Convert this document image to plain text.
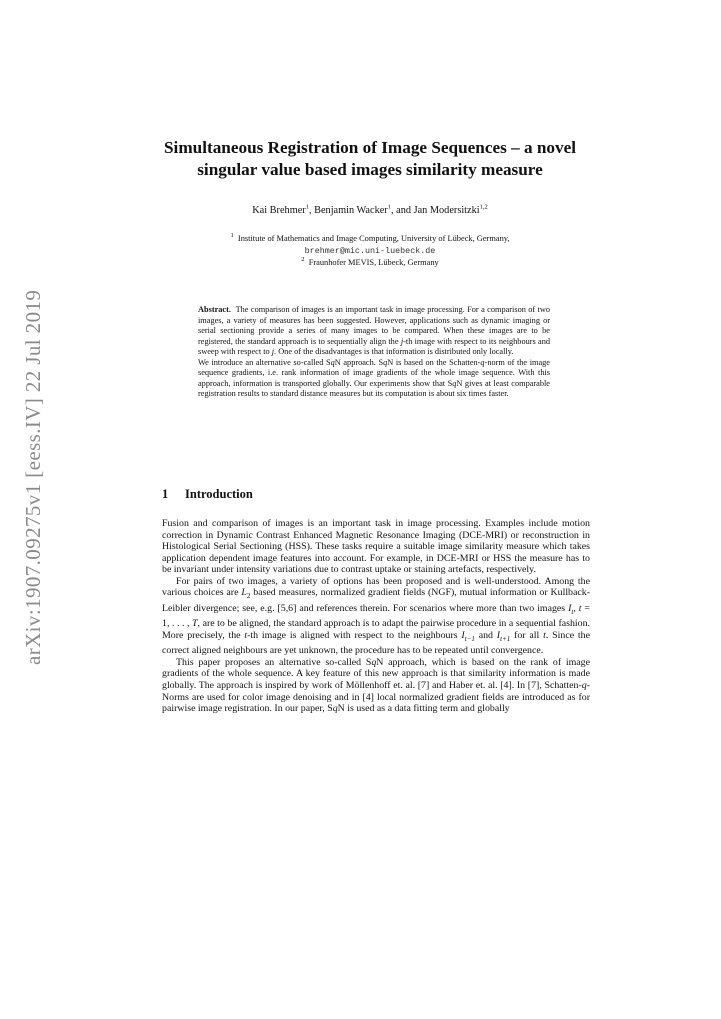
arXiv:1907.09275v1 [eess.IV] 22 Jul 2019
Simultaneous Registration of Image Sequences – a novel
singular value based images similarity measure
Kai Brehmer$^1$, Benjamin Wacker$^1$, and Jan Modersitzki$^{1,2}$
$^1$ Institute of Mathematics and Image Computing, University of Lübeck, Germany,
brehmer@mic.uni-luebeck.de
$^2$ Fraunhofer MEVIS, Lübeck, Germany

Abstract. The comparison of images is an important task in image processing. For a comparison of two images, a variety of measures has been suggested. However, applications such as dynamic imaging or serial sectioning provide a series of many images to be compared. When these images are to be registered, the standard approach is to sequentially align the j-th image with respect to its neighbours and sweep with respect to j. One of the disadvantages is that information is distributed only locally.

We introduce an alternative so-called SqN approach. SqN is based on the Schatten-q-norm of the image sequence gradients, i.e. rank information of image gradients of the whole image sequence. With this approach, information is transported globally. Our experiments show that SqN gives at least comparable registration results to standard distance measures but its computation is about six times faster.

1 Introduction

Fusion and comparison of images is an important task in image processing. Examples include motion correction in Dynamic Contrast Enhanced Magnetic Resonance Imaging (DCE-MRI) or reconstruction in Histological Serial Sectioning (HSS). These tasks require a suitable image similarity measure which takes application dependent image features into account. For example, in DCE-MRI or HSS the measure has to be invariant under intensity variations due to contrast uptake or staining artefacts, respectively.

For pairs of two images, a variety of options has been proposed and is well-understood. Among the various choices are $L_2$ based measures, normalized gradient fields (NGF), mutual information or Kullback-Leibler divergence; see, e.g. [5,6] and references therein. For scenarios where more than two images $I_t$, t = 1, . . . , T, are to be aligned, the standard approach is to adapt the pairwise procedure in a sequential fashion. More precisely, the t-th image is aligned with respect to the neighbours $I_{t-1}$ and $I_{t+1}$ for all t. Since the correct aligned neighbours are yet unknown, the procedure has to be repeated until convergence.

This paper proposes an alternative so-called SqN approach, which is based on the rank of image gradients of the whole sequence. A key feature of this new approach is that similarity information is made globally. The approach is inspired by work of Möllenhoff et. al. [7] and Haber et. al. [4]. In [7], Schatten-q-Norms are used for color image denoising and in [4] local normalized gradient fields are introduced as for pairwise image registration. In our paper, SqN is used as a data fitting term and globally
